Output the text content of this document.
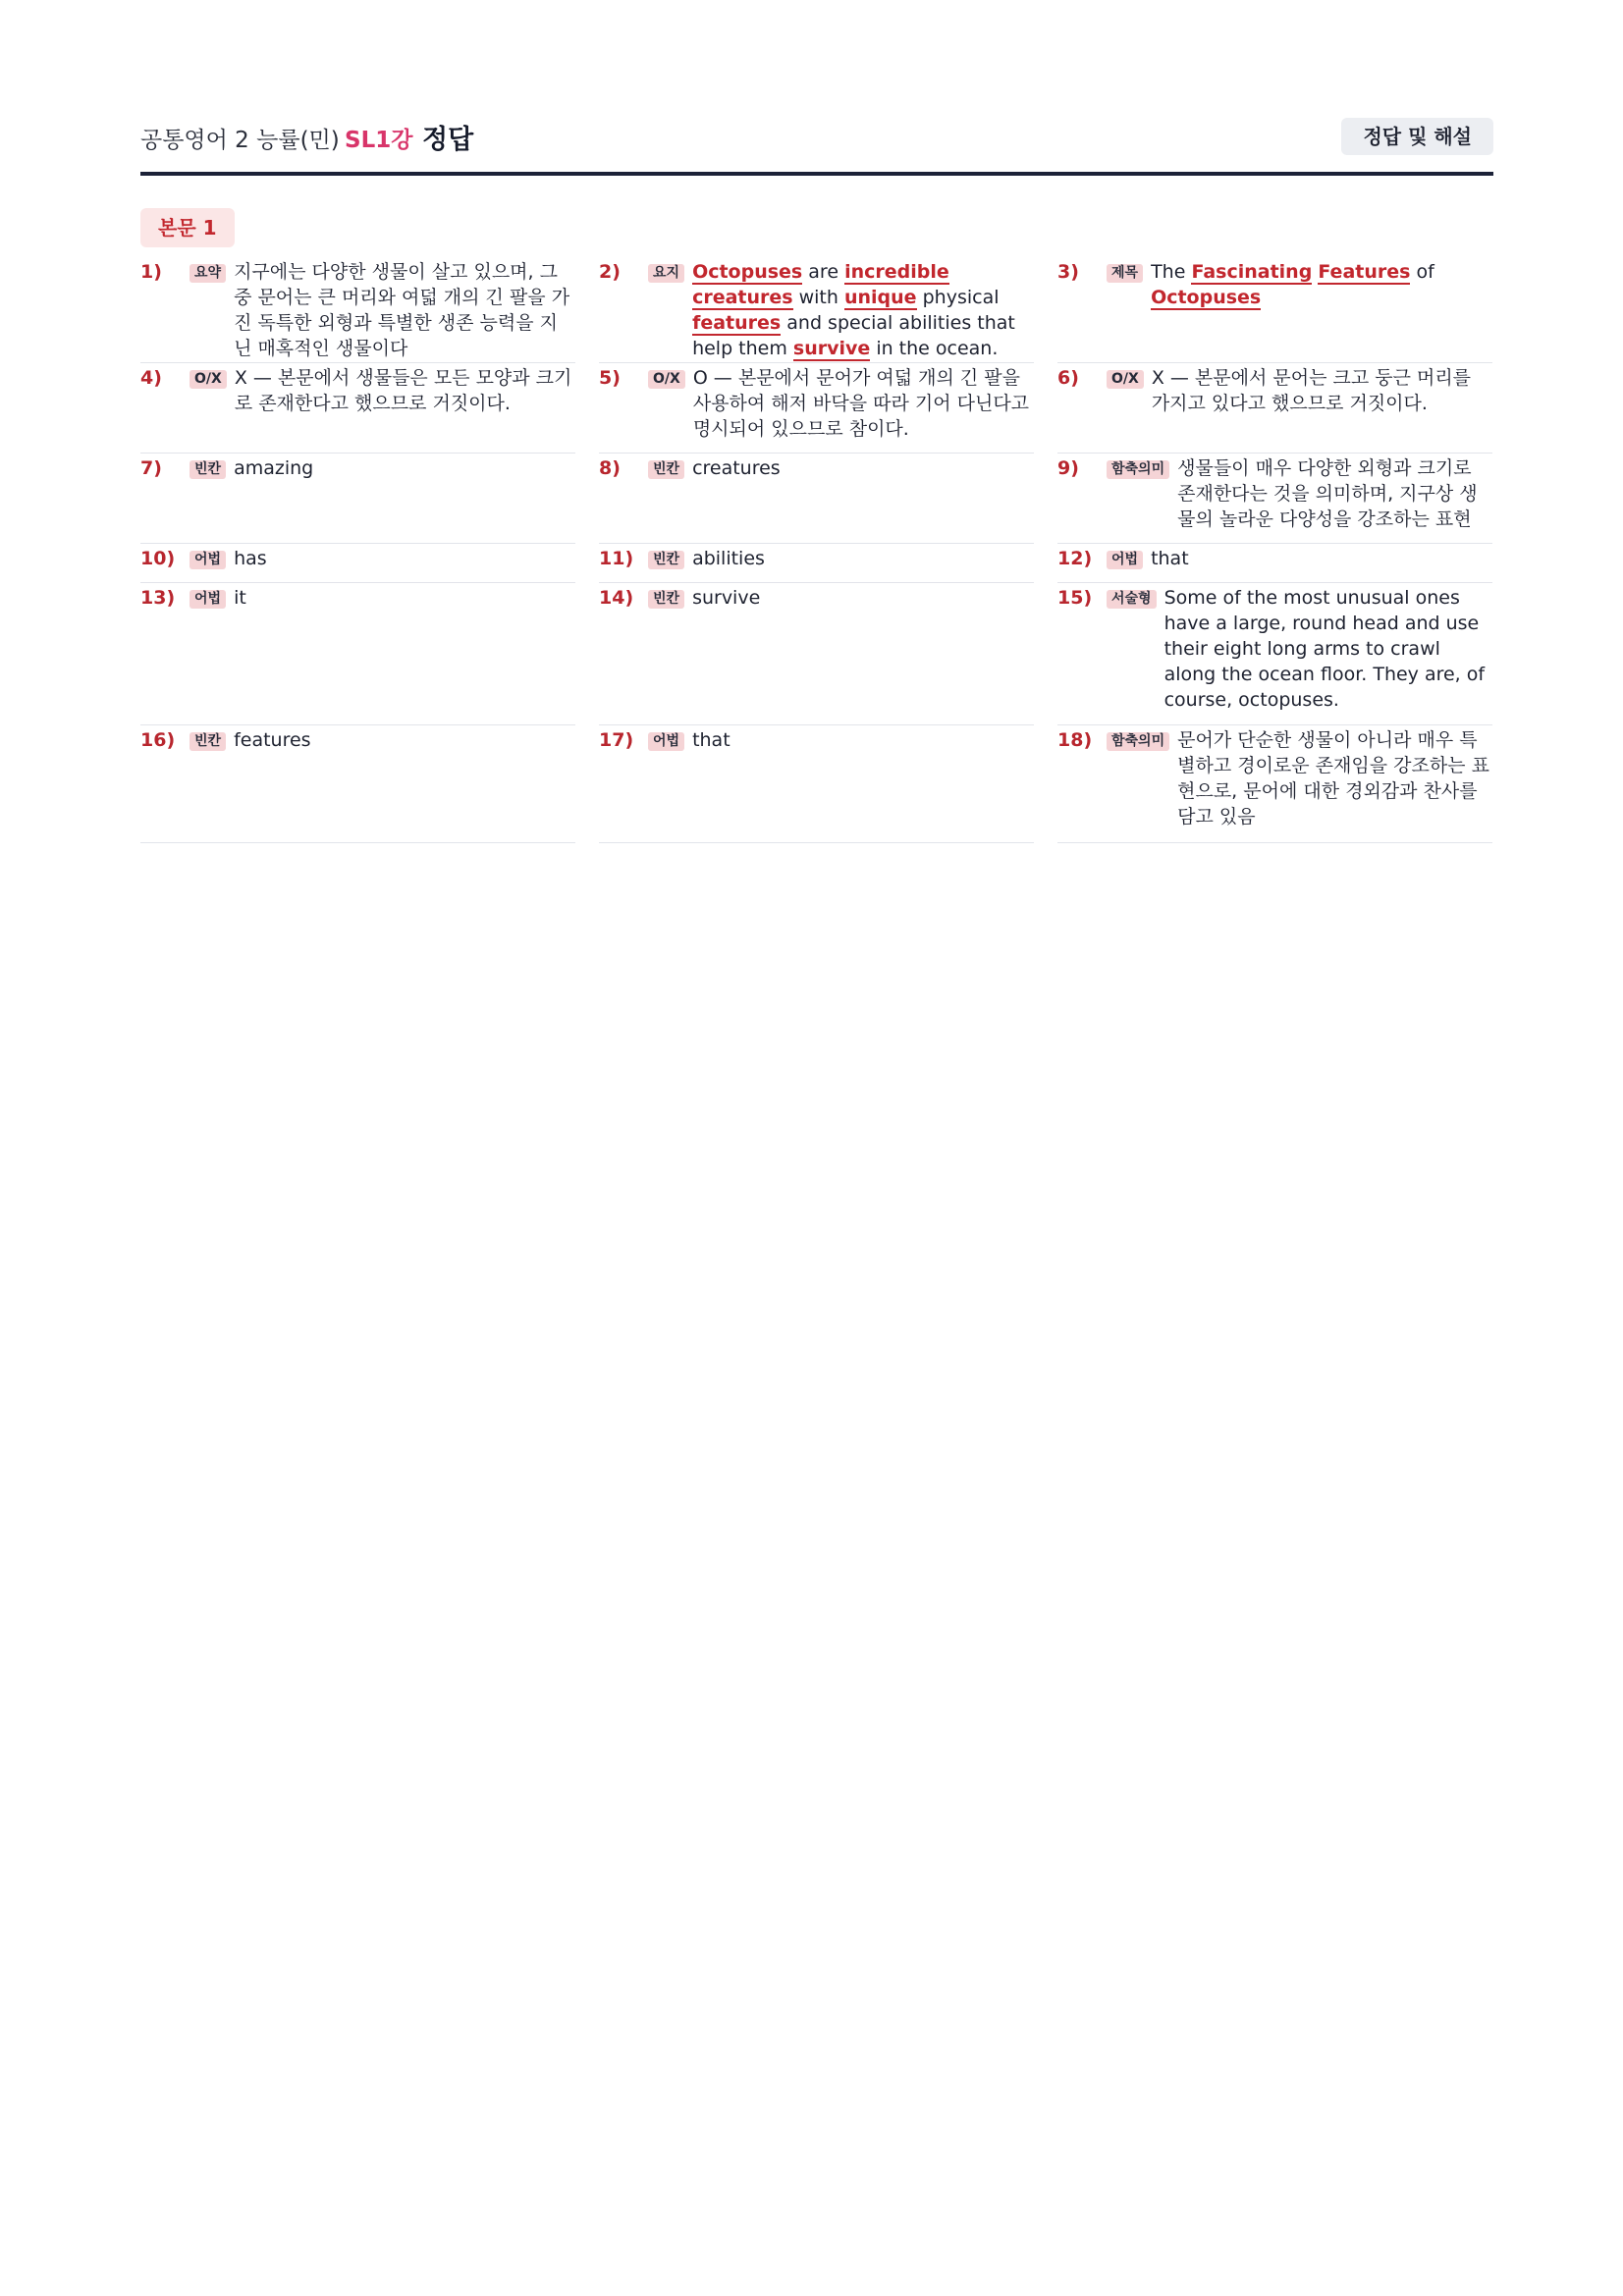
공통영어 2 능률(민) SL1강 정답	정답 및 해설
본문 1
1)	요약 지구에는 다양한 생물이 살고 있으며, 그 중 문어는 큰 머리와 여덟 개의 긴 팔을 가진 독특한 외형과 특별한 생존 능력을 지닌 매혹적인 생물이다
2)	요지 Octopuses are incredible creatures with unique physical features and special abilities that help them survive in the ocean.
3)	제목 The Fascinating Features of Octopuses
4)	O/X X — 본문에서 생물들은 모든 모양과 크기로 존재한다고 했으므로 거짓이다.
5)	O/X O — 본문에서 문어가 여덟 개의 긴 팔을 사용하여 해저 바닥을 따라 기어 다닌다고 명시되어 있으므로 참이다.
6)	O/X X — 본문에서 문어는 크고 둥근 머리를 가지고 있다고 했으므로 거짓이다.
7)	빈칸 amazing	8)	빈칸 creatures	9)	함축의미 생물들이 매우 다양한 외형과 크기로 존재한다는 것을 의미하며, 지구상 생물의 놀라운 다양성을 강조하는 표현
10)	어법 has	11)	빈칸 abilities	12)	어법 that
13)	어법 it	14)	빈칸 survive	15)	서술형 Some of the most unusual ones have a large, round head and use their eight long arms to crawl along the ocean floor. They are, of course, octopuses.
16)	빈칸 features	17)	어법 that	18)	함축의미 문어가 단순한 생물이 아니라 매우 특별하고 경이로운 존재임을 강조하는 표현으로, 문어에 대한 경외감과 찬사를 담고 있음
